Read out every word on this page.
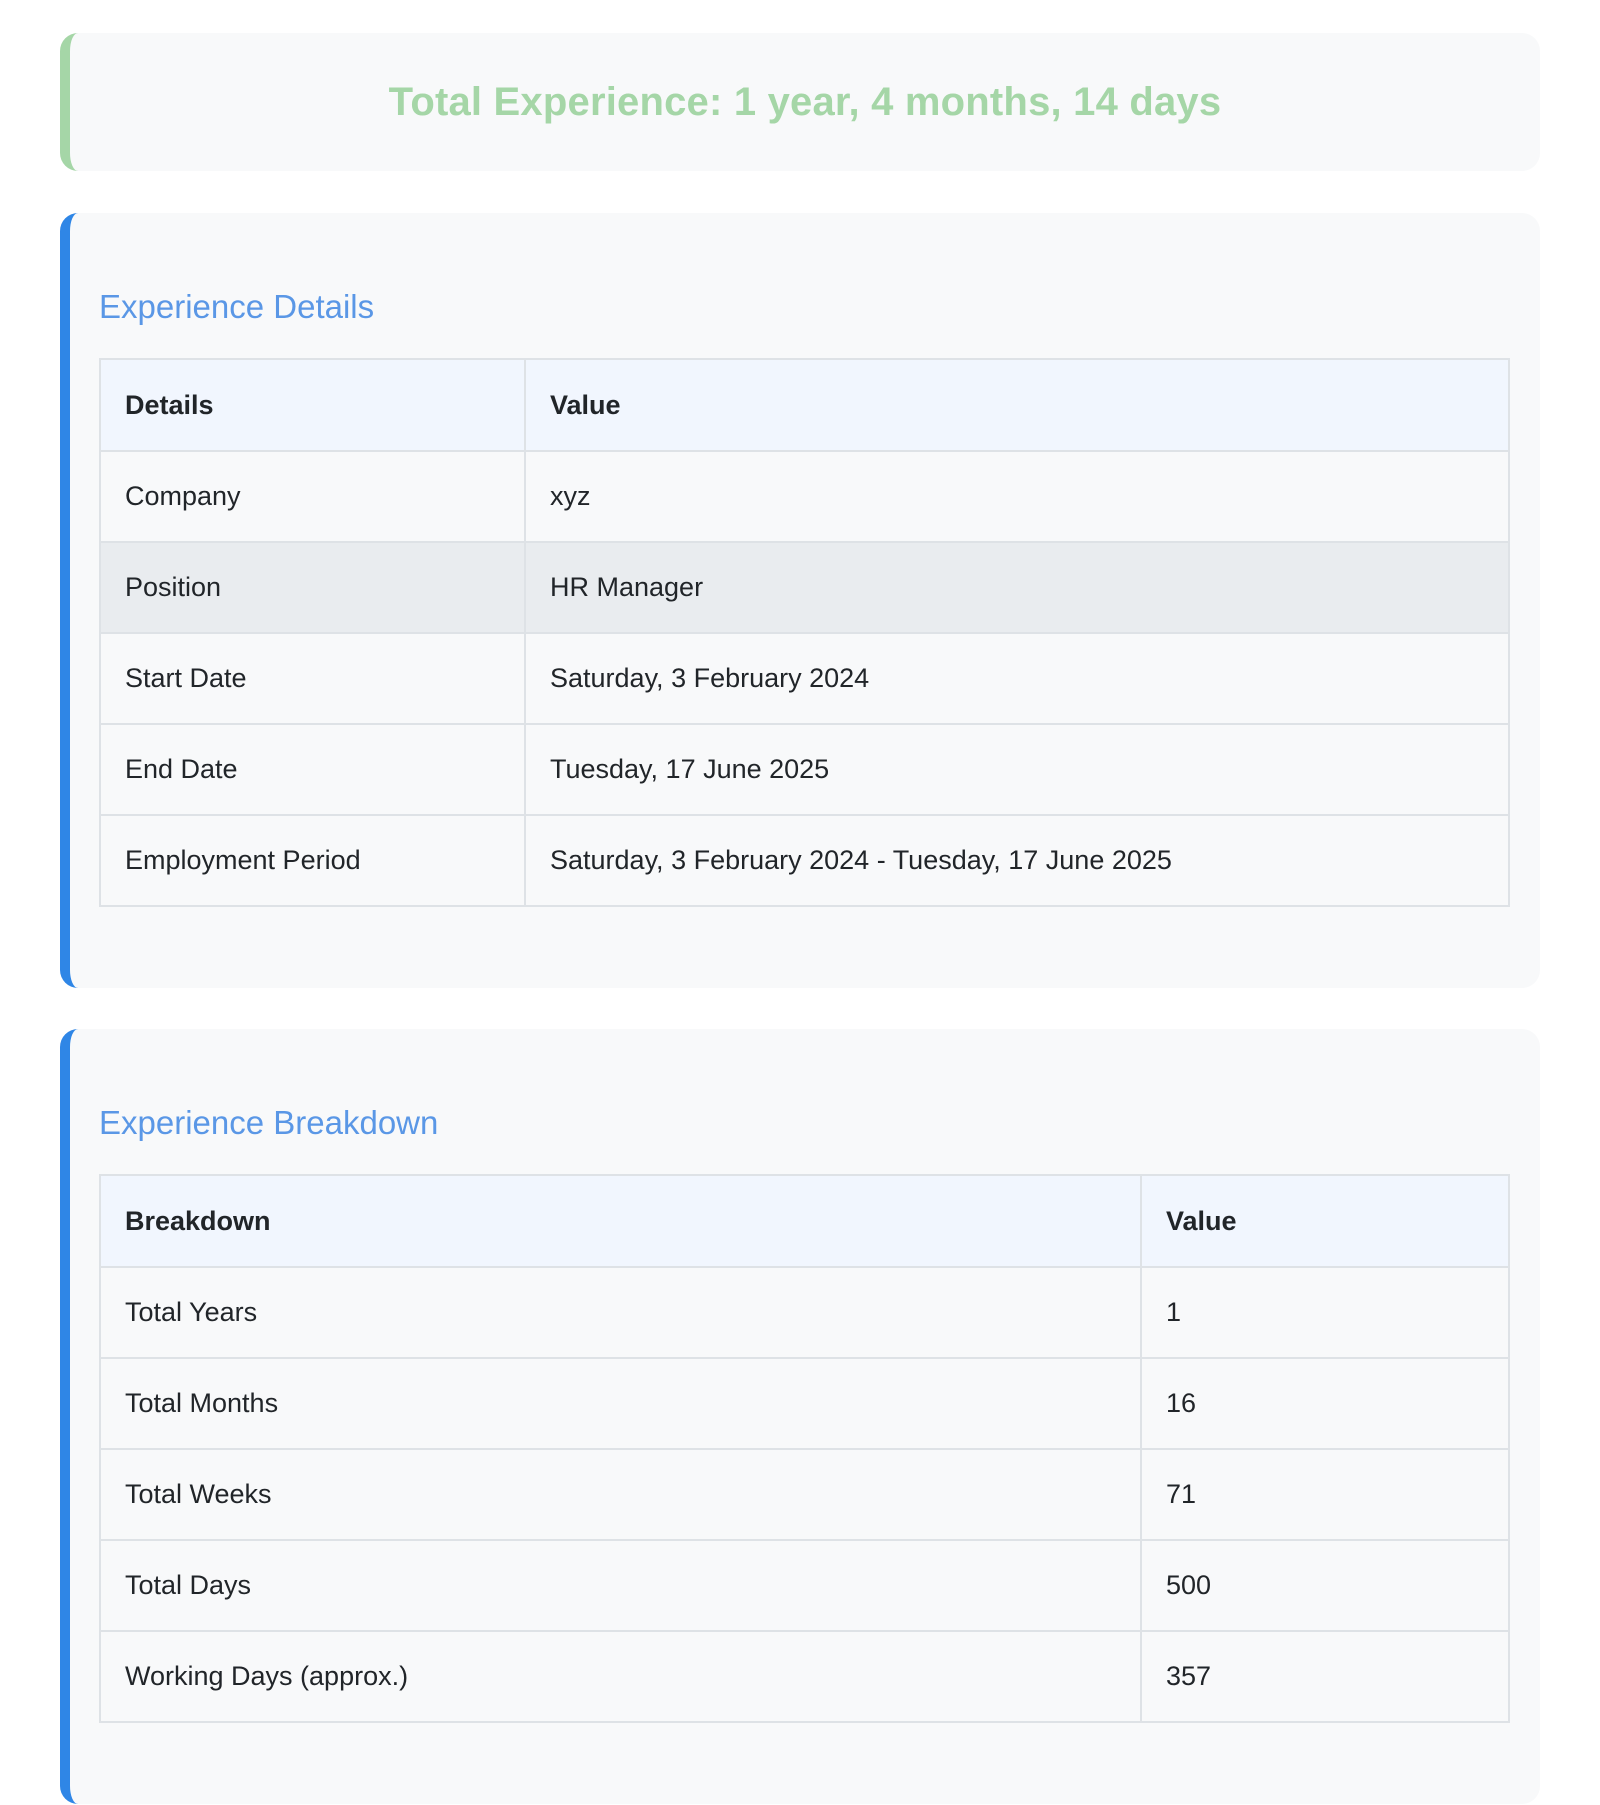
Total Experience: 1 year, 4 months, 14 days
Experience Details
Details	Value
Company	xyz
Position	HR Manager
Start Date	Saturday, 3 February 2024
End Date	Tuesday, 17 June 2025
Employment Period	Saturday, 3 February 2024 - Tuesday, 17 June 2025
Experience Breakdown
Breakdown	Value
Total Years	1
Total Months	16
Total Weeks	71
Total Days	500
Working Days (approx.)	357
